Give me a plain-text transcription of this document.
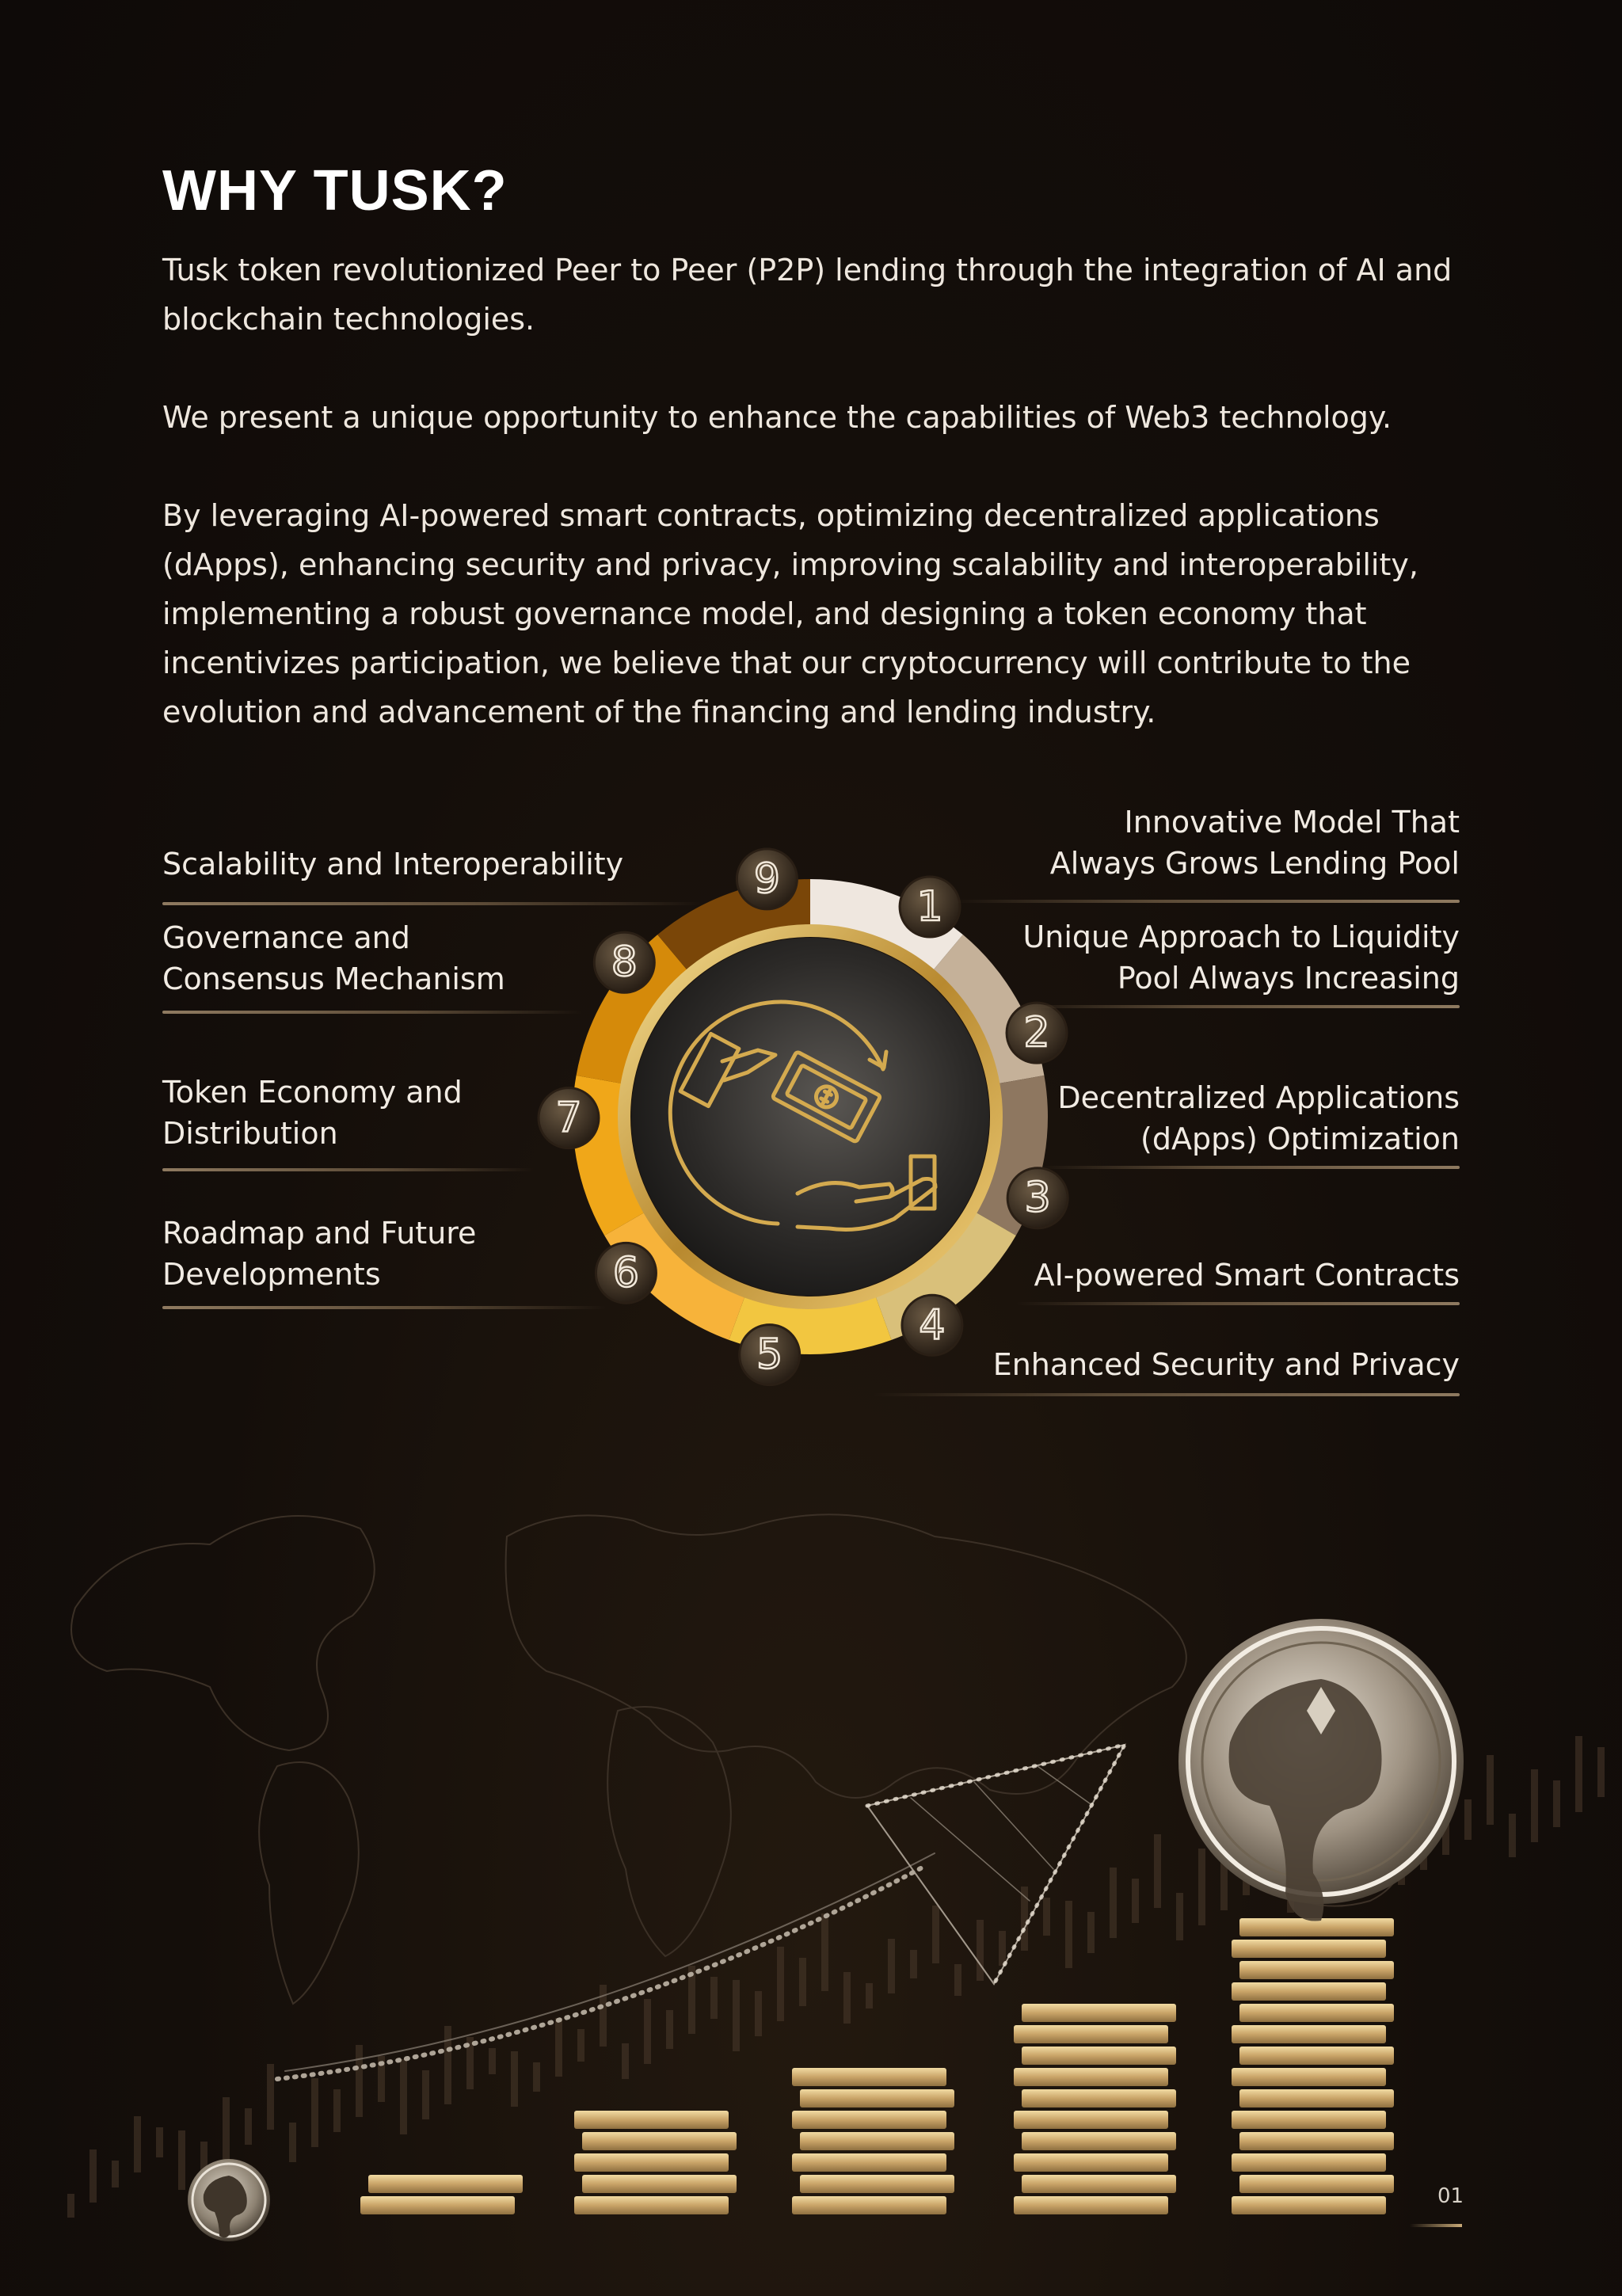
WHY TUSK?

Tusk token revolutionized Peer to Peer (P2P) lending through the integration of AI and blockchain technologies.

We present a unique opportunity to enhance the capabilities of Web3 technology.

By leveraging AI-powered smart contracts, optimizing decentralized applications (dApps), enhancing security and privacy, improving scalability and interoperability, implementing a robust governance model, and designing a token economy that incentivizes participation, we believe that our cryptocurrency will contribute to the evolution and advancement of the financing and lending industry.

1
2
3
4
5
6
7
8
9
Innovative Model That
Always Grows Lending Pool
Unique Approach to Liquidity
Pool Always Increasing
Decentralized Applications
(dApps) Optimization
AI-powered Smart Contracts
Enhanced Security and Privacy
Scalability and Interoperability
Governance and
Consensus Mechanism
Token Economy and
Distribution
Roadmap and Future
Developments
01
